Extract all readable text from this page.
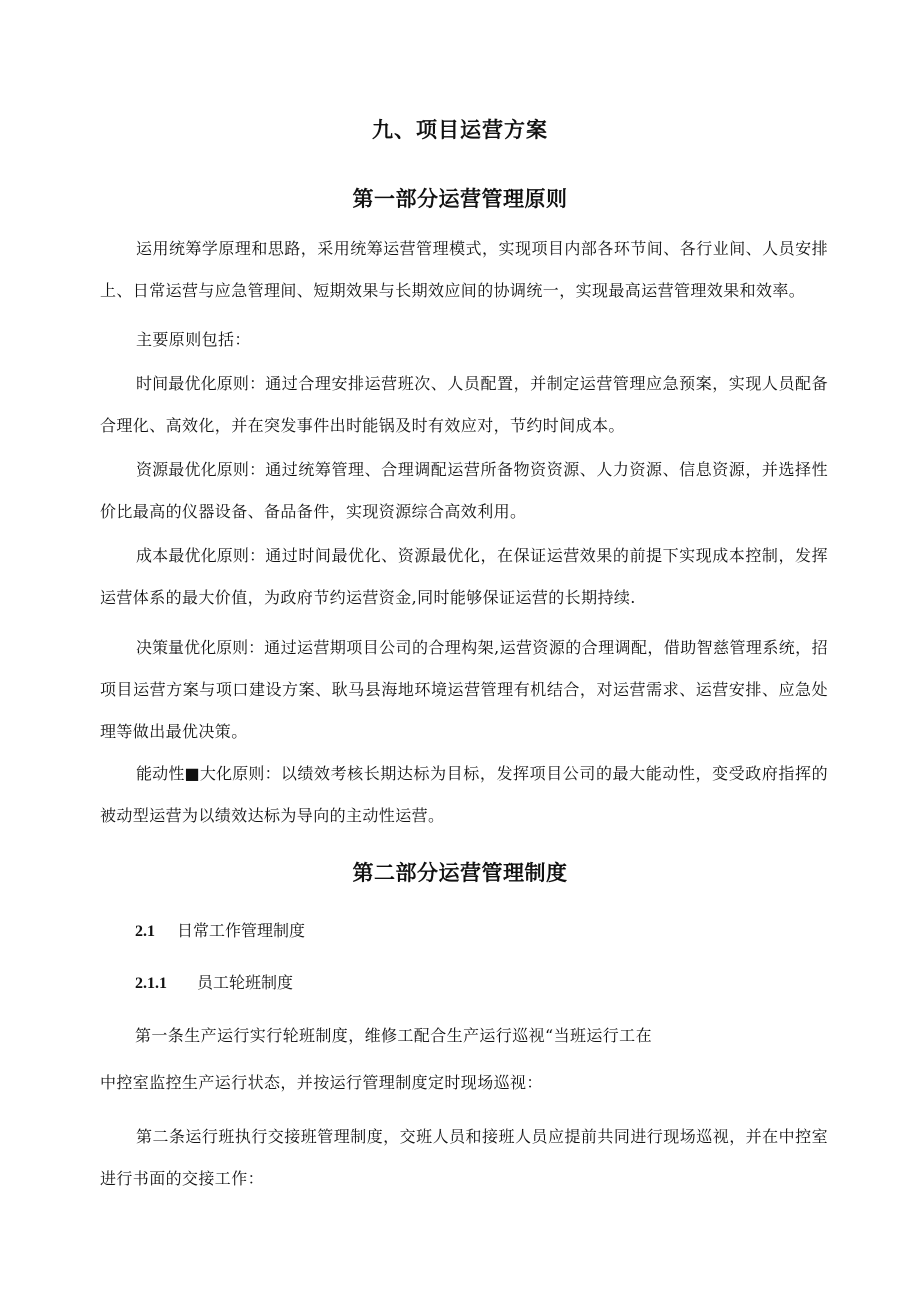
九、项目运营方案
第一部分运营管理原则

运用统筹学原理和思路，采用统筹运营管理模式，实现项目内部各环节间、各行业间、人员安排上、日常运营与应急管理间、短期效果与长期效应间的协调统一，实现最高运营管理效果和效率。

主要原则包括：

时间最优化原则：通过合理安排运营班次、人员配置，并制定运营管理应急预案，实现人员配备合理化、高效化，并在突发事件出时能锅及时有效应对，节约时间成本。

资源最优化原则：通过统筹管理、合理调配运营所备物资资源、人力资源、信息资源，并选择性价比最高的仪器设备、备品备件，实现资源综合高效利用。

成本最优化原则：通过时间最优化、资源最优化，在保证运营效果的前提下实现成本控制，发挥运营体系的最大价值，为政府节约运营资金,同时能够保证运营的长期持续.

决策量优化原则：通过运营期项目公司的合理构架,运营资源的合理调配，借助智慈管理系统，招项目运营方案与项口建设方案、耿马县海地环境运营管理有机结合，对运营需求、运营安排、应急处理等做出最优决策。

能动性■大化原则：以绩效考核长期达标为目标，发挥项目公司的最大能动性，变受政府指挥的被动型运营为以绩效达标为导向的主动性运营。

第二部分运营管理制度

2.1 日常工作管理制度

2.1.1 员工轮班制度

第一条生产运行实行轮班制度，维修工配合生产运行巡视“当班运行工在

中控室监控生产运行状态，并按运行管理制度定时现场巡视：

第二条运行班执行交接班管理制度，交班人员和接班人员应提前共同进行现场巡视，并在中控室进行书面的交接工作：
